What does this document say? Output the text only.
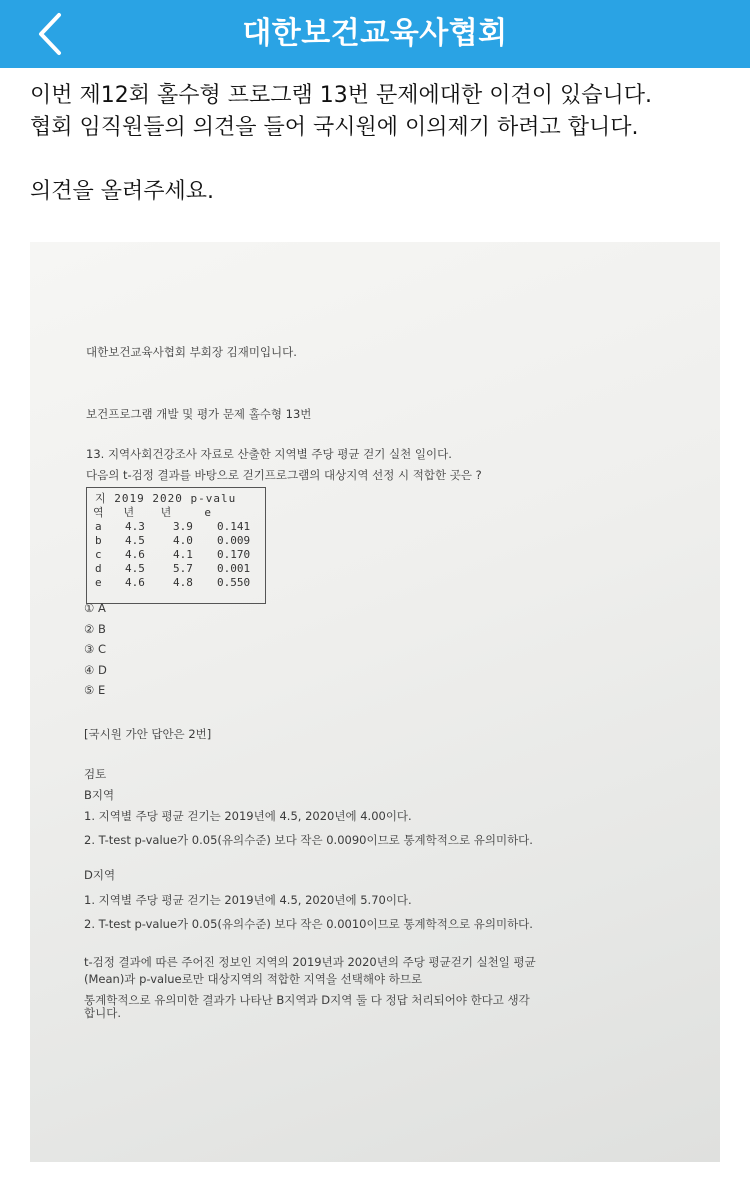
대한보건교육사협회

이번 제12회 홀수형 프로그램 13번 문제에대한 이견이 있습니다.

협회 임직원들의 의견을 들어 국시원에 이의제기 하려고 합니다.

의견을 올려주세요.

대한보건교육사협회 부회장 김재미입니다.
보건프로그램 개발 및 평가 문제 홀수형 13번
13. 지역사회건강조사 자료로 산출한 지역별 주당 평균 걷기 실천 일이다.
다음의 t-검정 결과를 바탕으로 걷기프로그램의 대상지역 선정 시 적합한 곳은 ?
지 2019 2020 p-valu
역   년    년     e
a 4.3	3.9 0.141
b 4.5	4.0 0.009
c 4.6	4.1 0.170
d 4.5	5.7 0.001
e 4.6	4.8 0.550
① A
② B
③ C
④ D
⑤ E
[국시원 가안 답안은 2번]
검토
B지역
1. 지역별 주당 평균 걷기는 2019년에 4.5, 2020년에 4.00이다.
2. T-test p-value가 0.05(유의수준) 보다 작은 0.0090이므로 통계학적으로 유의미하다.
D지역
1. 지역별 주당 평균 걷기는 2019년에 4.5, 2020년에 5.70이다.
2. T-test p-value가 0.05(유의수준) 보다 작은 0.0010이므로 통계학적으로 유의미하다.
t-검정 결과에 따른 주어진 정보인 지역의 2019년과 2020년의 주당 평균걷기 실천일 평균
(Mean)과 p-value로만 대상지역의 적합한 지역을 선택해야 하므로
통계학적으로 유의미한 결과가 나타난 B지역과 D지역 둘 다 정답 처리되어야 한다고 생각
합니다.
